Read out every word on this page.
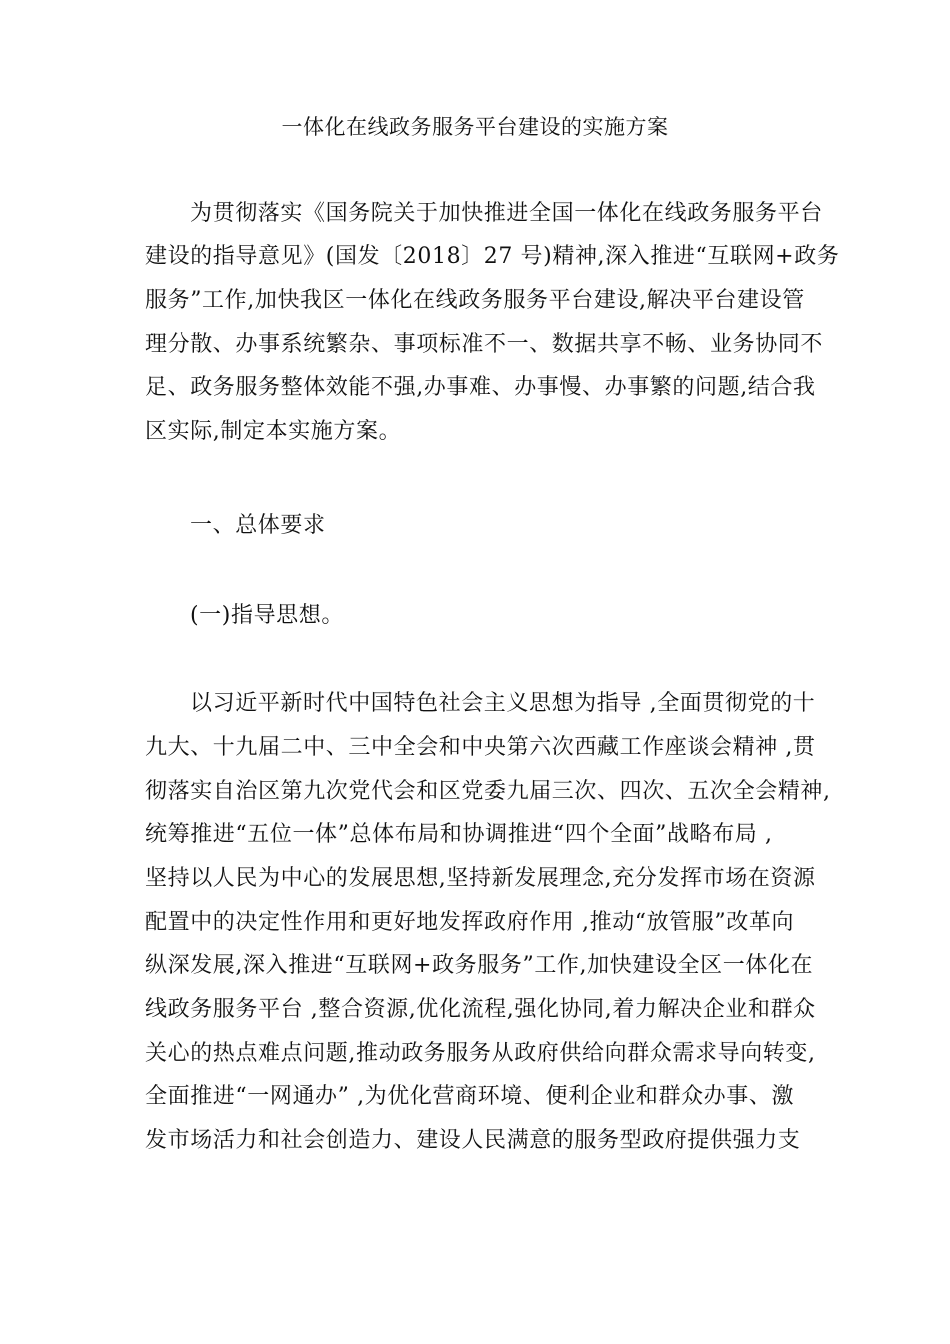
一体化在线政务服务平台建设的实施方案
为贯彻落实《国务院关于加快推进全国一体化在线政务服务平台
建设的指导意见》(国发〔2018〕27 号)精神,深入推进“互联网+政务
服务”工作,加快我区一体化在线政务服务平台建设,解决平台建设管
理分散、办事系统繁杂、事项标准不一、数据共享不畅、业务协同不
足、政务服务整体效能不强,办事难、办事慢、办事繁的问题,结合我
区实际,制定本实施方案。
一、总体要求
(一)指导思想。
以习近平新时代中国特色社会主义思想为指导 ,全面贯彻党的十
九大、十九届二中、三中全会和中央第六次西藏工作座谈会精神 ,贯
彻落实自治区第九次党代会和区党委九届三次、四次、五次全会精神,
统筹推进“五位一体”总体布局和协调推进“四个全面”战略布局 ,
坚持以人民为中心的发展思想,坚持新发展理念,充分发挥市场在资源
配置中的决定性作用和更好地发挥政府作用 ,推动“放管服”改革向
纵深发展,深入推进“互联网+政务服务”工作,加快建设全区一体化在
线政务服务平台 ,整合资源,优化流程,强化协同,着力解决企业和群众
关心的热点难点问题,推动政务服务从政府供给向群众需求导向转变,
全面推进“一网通办” ,为优化营商环境、便利企业和群众办事、激
发市场活力和社会创造力、建设人民满意的服务型政府提供强力支
